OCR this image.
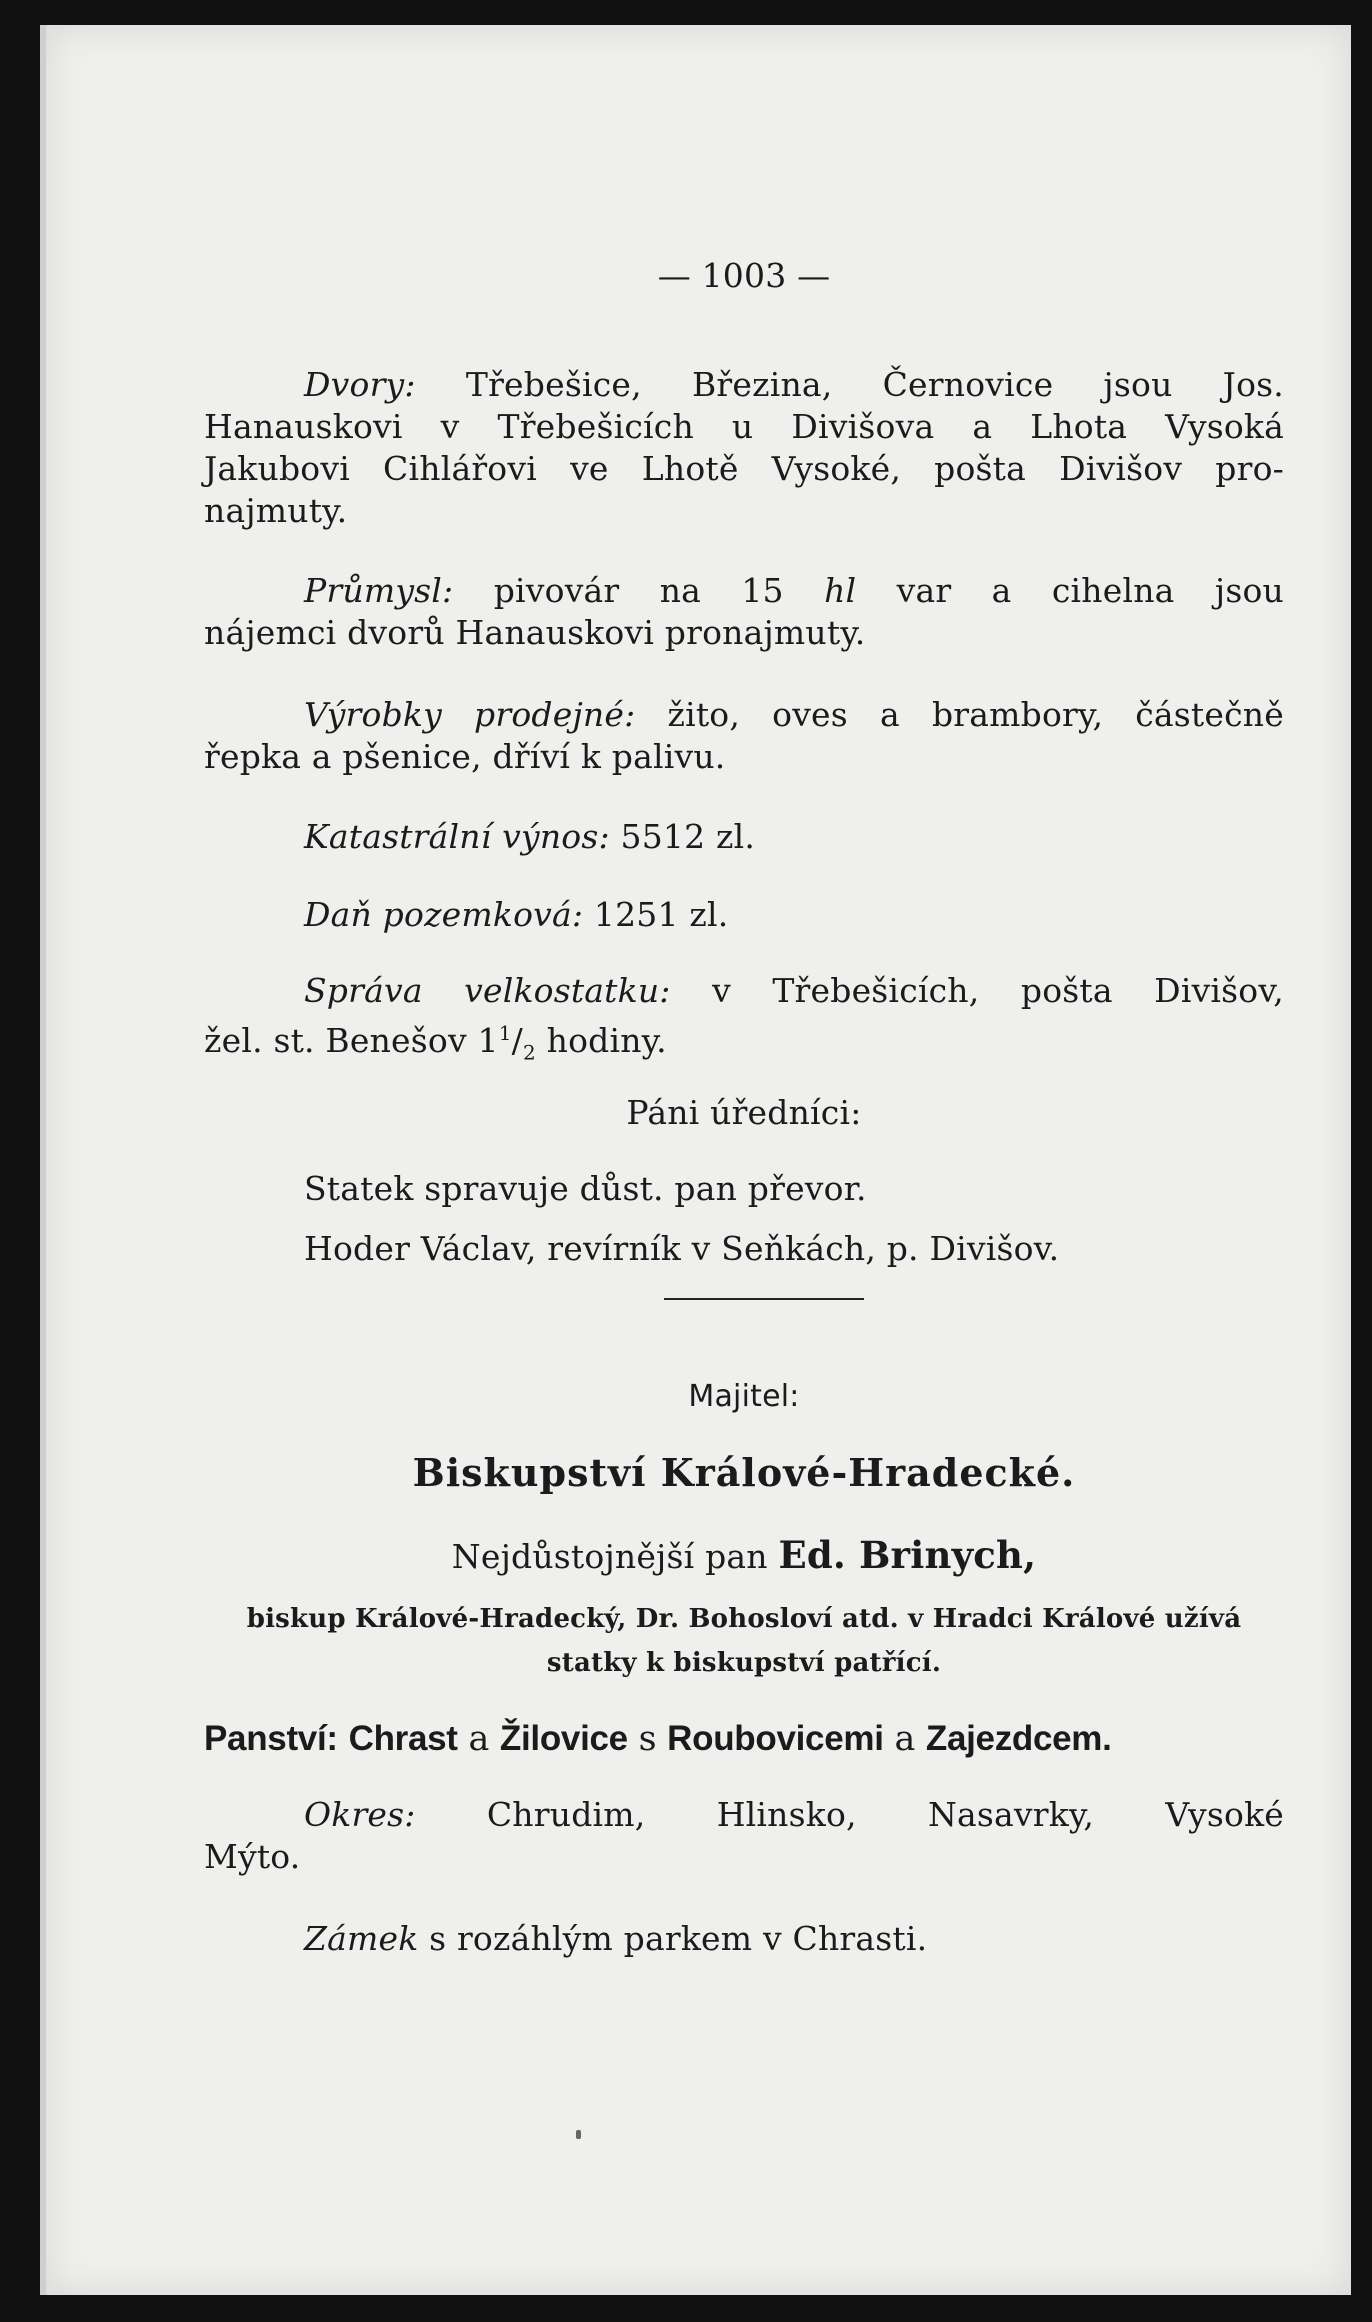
— 1003 —
Dvory: Třebešice, Březina, Černovice jsou Jos.
Hanauskovi v Třebešicích u Divišova a Lhota Vysoká
Jakubovi Cihlářovi ve Lhotě Vysoké, pošta Divišov pro-
najmuty.
Průmysl: pivovár na 15 hl var a cihelna jsou
nájemci dvorů Hanauskovi pronajmuty.
Výrobky prodejné: žito, oves a brambory, částečně
řepka a pšenice, dříví k palivu.
Katastrální výnos: 5512 zl.
Daň pozemková: 1251 zl.
Správa velkostatku: v Třebešicích, pošta Divišov,
žel. st. Benešov $1^1/_2$ hodiny.
Páni úředníci:
Statek spravuje důst. pan převor.
Hoder Václav, revírník v Seňkách, p. Divišov.
Majitel:
Biskupství Králové-Hradecké.
Nejdůstojnější pan Ed. Brinych,
biskup Králové-Hradecký, Dr. Bohosloví atd. v Hradci Králové užívá
statky k biskupství patřící.
Panství: Chrast a Žilovice s Roubovicemi a Zajezdcem.
Okres: Chrudim, Hlinsko, Nasavrky, Vysoké
Mýto.
Zámek s rozáhlým parkem v Chrasti.
